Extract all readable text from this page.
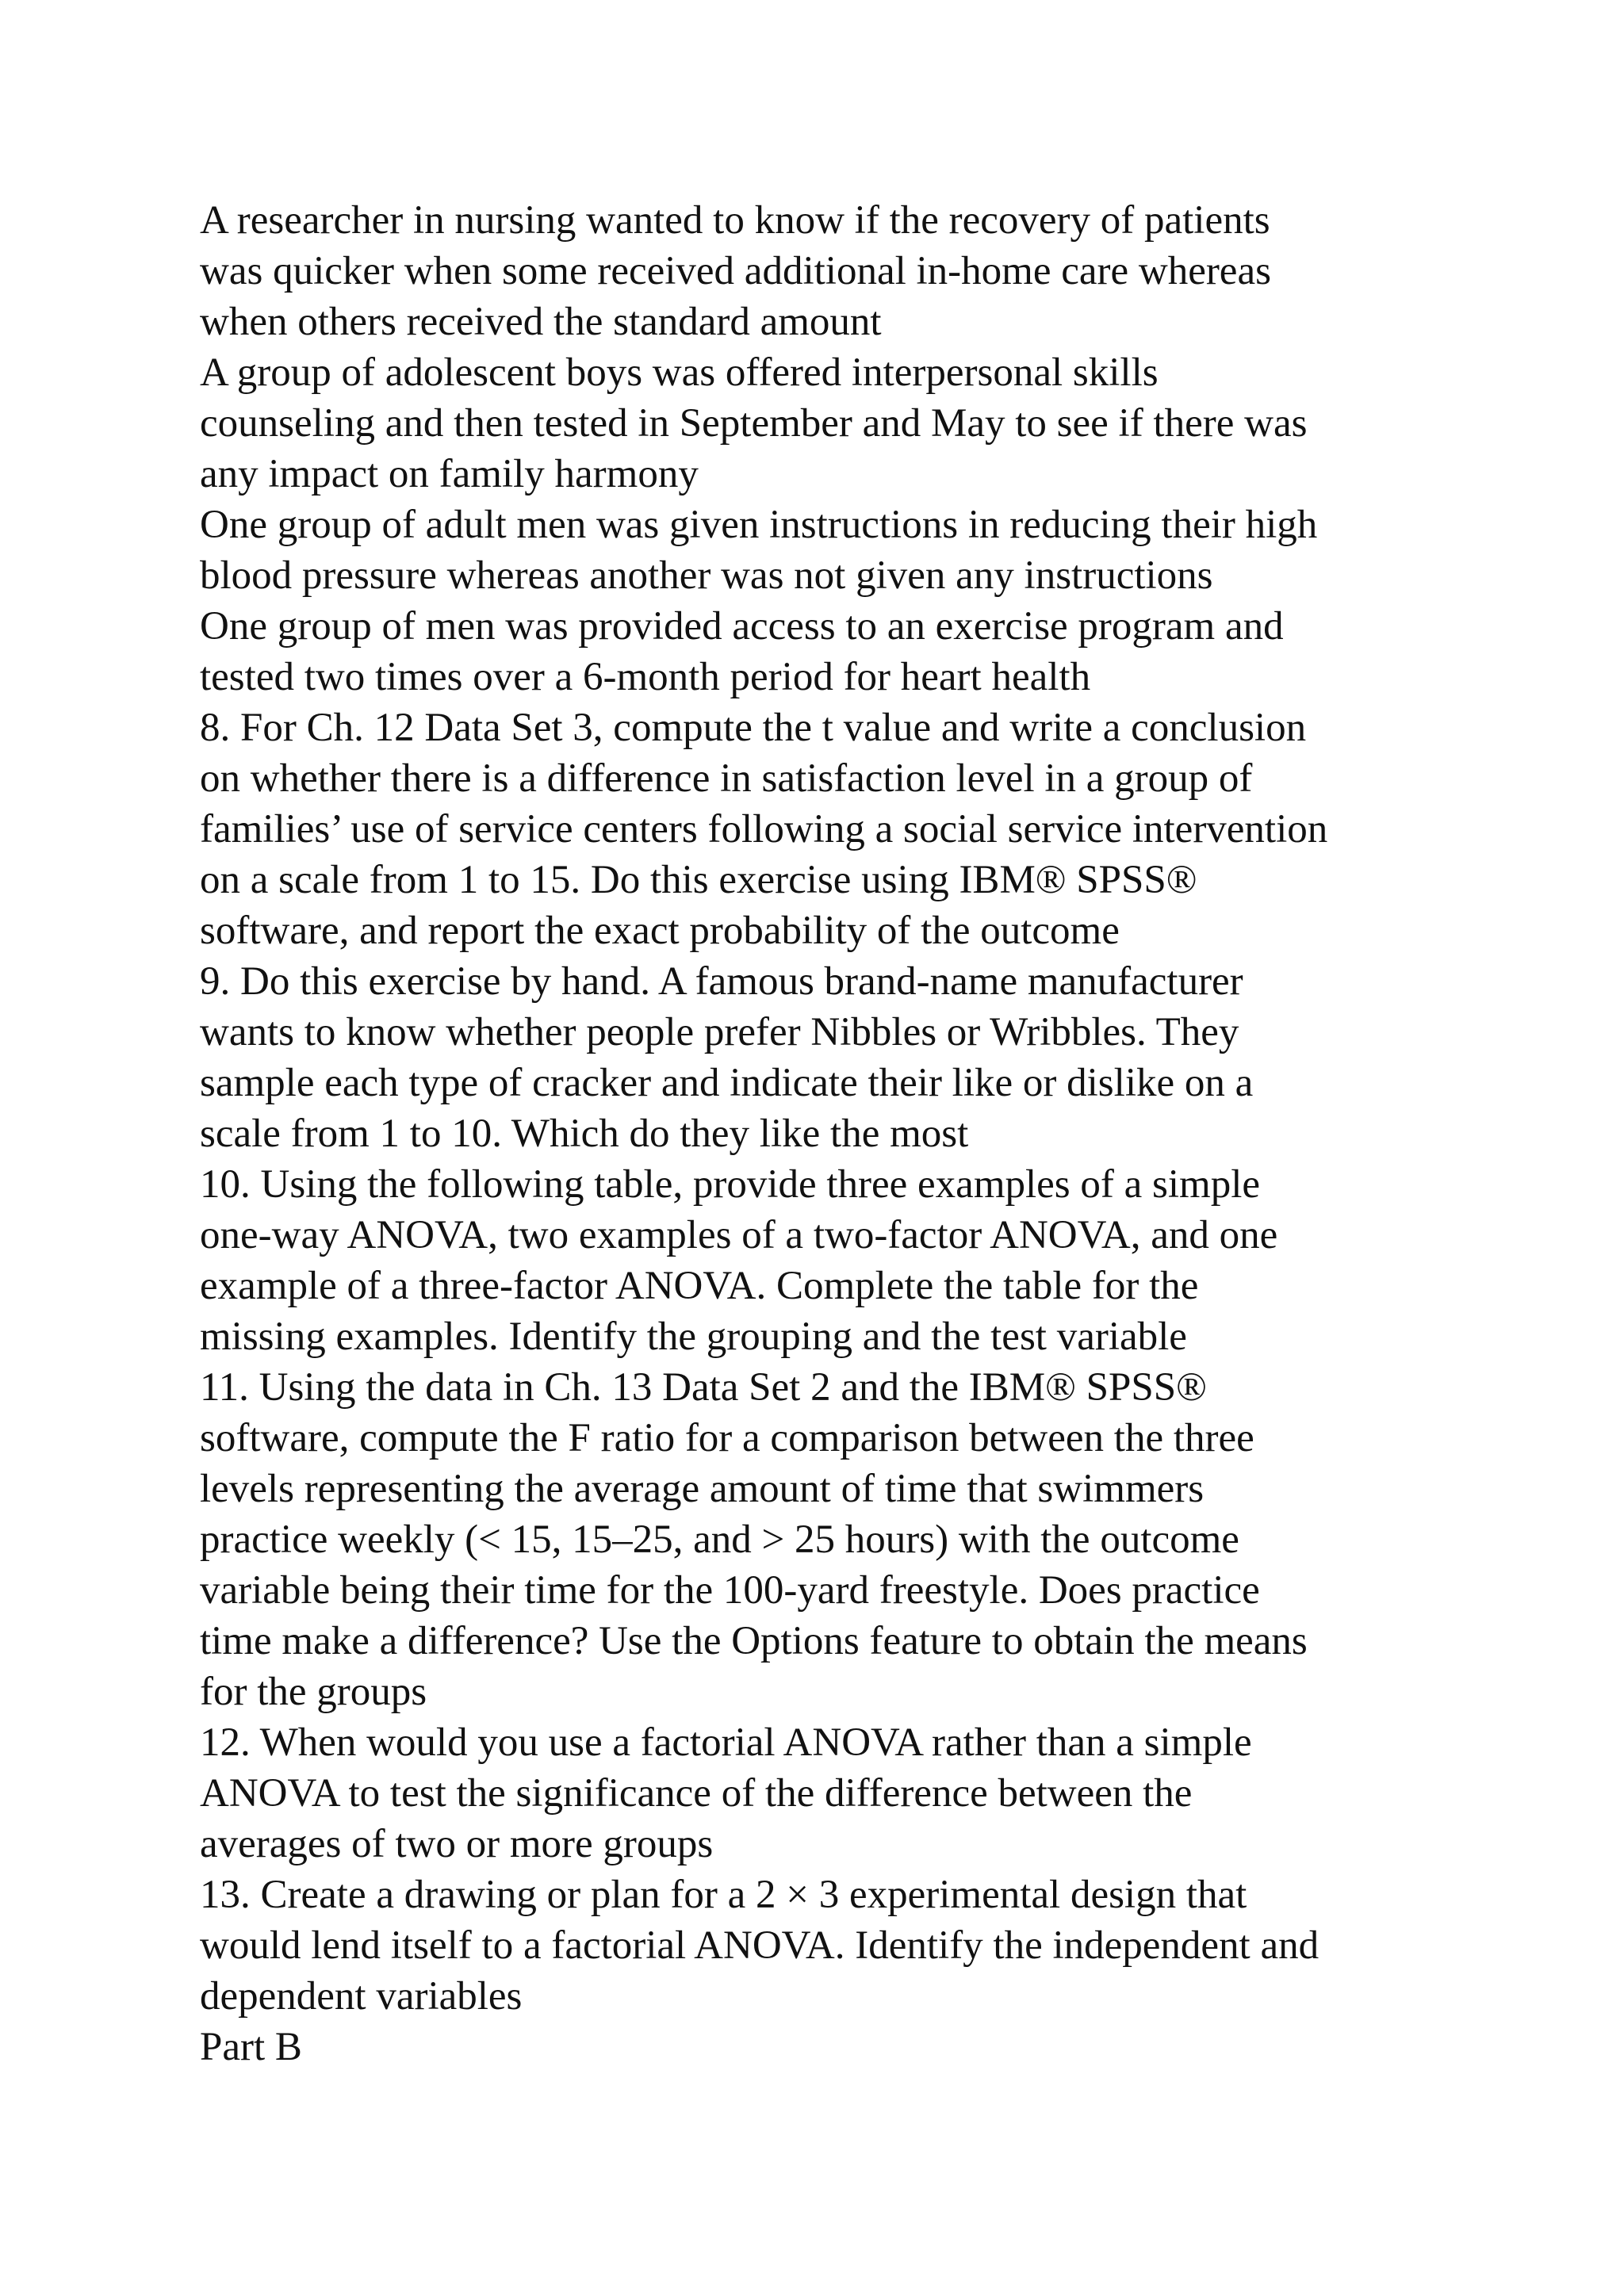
A researcher in nursing wanted to know if the recovery of patients
was quicker when some received additional in-home care whereas
when others received the standard amount
A group of adolescent boys was offered interpersonal skills
counseling and then tested in September and May to see if there was
any impact on family harmony
One group of adult men was given instructions in reducing their high
blood pressure whereas another was not given any instructions
One group of men was provided access to an exercise program and
tested two times over a 6-month period for heart health
8. For Ch. 12 Data Set 3, compute the t value and write a conclusion
on whether there is a difference in satisfaction level in a group of
families’ use of service centers following a social service intervention
on a scale from 1 to 15. Do this exercise using IBM® SPSS®
software, and report the exact probability of the outcome
9. Do this exercise by hand. A famous brand-name manufacturer
wants to know whether people prefer Nibbles or Wribbles. They
sample each type of cracker and indicate their like or dislike on a
scale from 1 to 10. Which do they like the most
10. Using the following table, provide three examples of a simple
one-way ANOVA, two examples of a two-factor ANOVA, and one
example of a three-factor ANOVA. Complete the table for the
missing examples. Identify the grouping and the test variable
11. Using the data in Ch. 13 Data Set 2 and the IBM® SPSS®
software, compute the F ratio for a comparison between the three
levels representing the average amount of time that swimmers
practice weekly (< 15, 15–25, and > 25 hours) with the outcome
variable being their time for the 100-yard freestyle. Does practice
time make a difference? Use the Options feature to obtain the means
for the groups
12. When would you use a factorial ANOVA rather than a simple
ANOVA to test the significance of the difference between the
averages of two or more groups
13. Create a drawing or plan for a 2 × 3 experimental design that
would lend itself to a factorial ANOVA. Identify the independent and
dependent variables
Part B
